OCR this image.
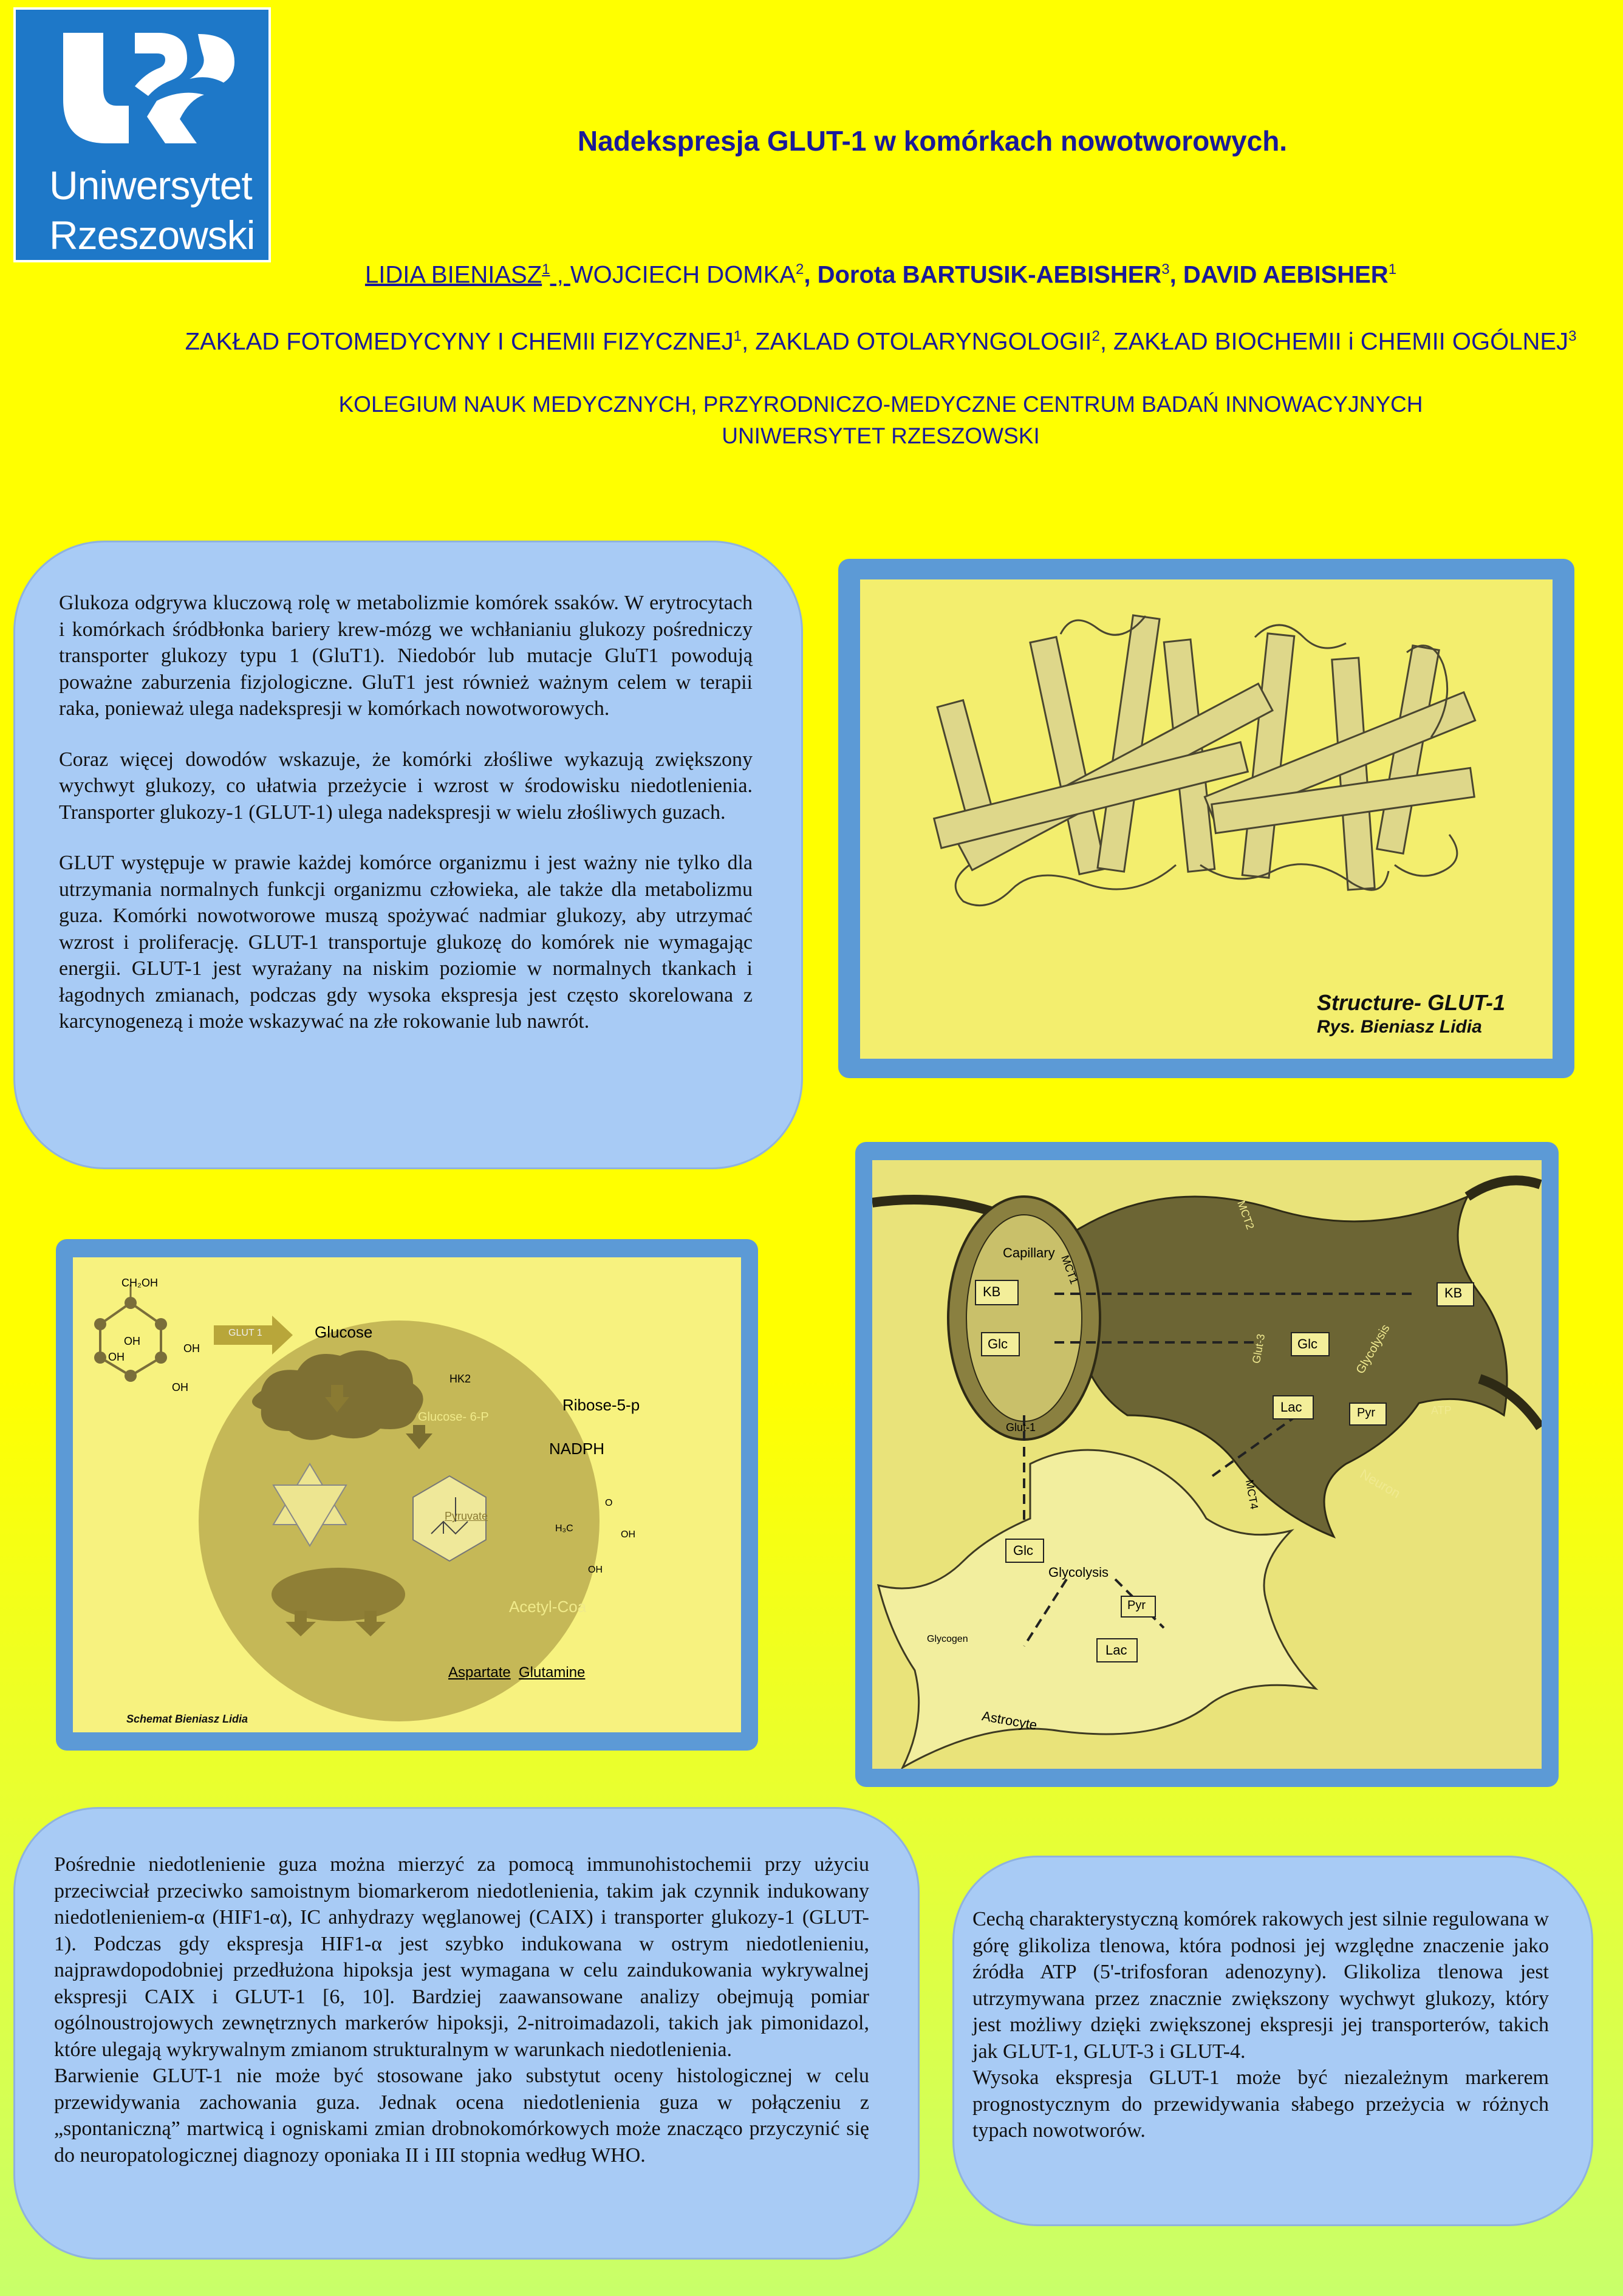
Uniwersytet
Rzeszowski
Nadekspresja GLUT-1 w komórkach nowotworowych.
LIDIA BIENIASZ$^1$ , WOJCIECH DOMKA$^2$, Dorota BARTUSIK-AEBISHER$^3$, DAVID AEBISHER$^1$
ZAKŁAD FOTOMEDYCYNY I CHEMII FIZYCZNEJ$^1$, ZAKLAD OTOLARYNGOLOGII$^2$, ZAKŁAD BIOCHEMII i CHEMII OGÓLNEJ$^3$
KOLEGIUM NAUK MEDYCZNYCH, PRZYRODNICZO-MEDYCZNE CENTRUM BADAŃ INNOWACYJNYCH
UNIWERSYTET RZESZOWSKI

Glukoza odgrywa kluczową rolę w metabolizmie komórek ssaków. W erytrocytach i komórkach śródbłonka bariery krew-mózg we wchłanianiu glukozy pośredniczy transporter glukozy typu 1 (GluT1). Niedobór lub mutacje GluT1 powodują poważne zaburzenia fizjologiczne. GluT1 jest również ważnym celem w terapii raka, ponieważ ulega nadekspresji w komórkach nowotworowych.

Coraz więcej dowodów wskazuje, że komórki złośliwe wykazują zwiększony wychwyt glukozy, co ułatwia przeżycie i wzrost w środowisku niedotlenienia. Transporter glukozy-1 (GLUT-1) ulega nadekspresji w wielu złośliwych guzach.

GLUT występuje w prawie każdej komórce organizmu i jest ważny nie tylko dla utrzymania normalnych funkcji organizmu człowieka, ale także dla metabolizmu guza. Komórki nowotworowe muszą spożywać nadmiar glukozy, aby utrzymać wzrost i proliferację. GLUT-1 transportuje glukozę do komórek nie wymagając energii. GLUT-1 jest wyrażany na niskim poziomie w normalnych tkankach i łagodnych zmianach, podczas gdy wysoka ekspresja jest często skorelowana z karcynogenezą i może wskazywać na złe rokowanie lub nawrót.

Structure- GLUT-1
Rys. Bieniasz Lidia
Capillary
KB	KB
Glc	Glc
Glc
Glut-1
MCT1
MCT2
Glut-3	Glycolysis
Glycolysis
Lac
Lac
Pyr
Pyr
ATP
Neuron
Astrocyte
MCT4
Glycogen
CH₂OH
OH
OH
OH
OH
GLUT 1	Glucose
HK2
Glucose- 6-P
Ribose-5-p
NADPH
Pyruvate
O
OH
OH
H₃C
Acetyl-Coa
Aspartate Glutamine
Schemat Bieniasz Lidia

Pośrednie niedotlenienie guza można mierzyć za pomocą immunohistochemii przy użyciu przeciwciał przeciwko samoistnym biomarkerom niedotlenienia, takim jak czynnik indukowany niedotlenieniem-α (HIF1-α), IC anhydrazy węglanowej (CAIX) i transporter glukozy-1 (GLUT-1). Podczas gdy ekspresja HIF1-α jest szybko indukowana w ostrym niedotlenieniu, najprawdopodobniej przedłużona hipoksja jest wymagana w celu zaindukowania wykrywalnej ekspresji CAIX i GLUT-1 [6, 10]. Bardziej zaawansowane analizy obejmują pomiar ogólnoustrojowych zewnętrznych markerów hipoksji, 2-nitroimadazoli, takich jak pimonidazol, które ulegają wykrywalnym zmianom strukturalnym w warunkach niedotlenienia.

Barwienie GLUT-1 nie może być stosowane jako substytut oceny histologicznej w celu przewidywania zachowania guza. Jednak ocena niedotlenienia guza w połączeniu z „spontaniczną” martwicą i ogniskami zmian drobnokomórkowych może znacząco przyczynić się do neuropatologicznej diagnozy oponiaka II i III stopnia według WHO.

Cechą charakterystyczną komórek rakowych jest silnie regulowana w górę glikoliza tlenowa, która podnosi jej względne znaczenie jako źródła ATP (5'-trifosforan adenozyny). Glikoliza tlenowa jest utrzymywana przez znacznie zwiększony wychwyt glukozy, który jest możliwy dzięki zwiększonej ekspresji jej transporterów, takich jak GLUT-1, GLUT-3 i GLUT-4.

Wysoka ekspresja GLUT-1 może być niezależnym markerem prognostycznym do przewidywania słabego przeżycia w różnych typach nowotworów.
